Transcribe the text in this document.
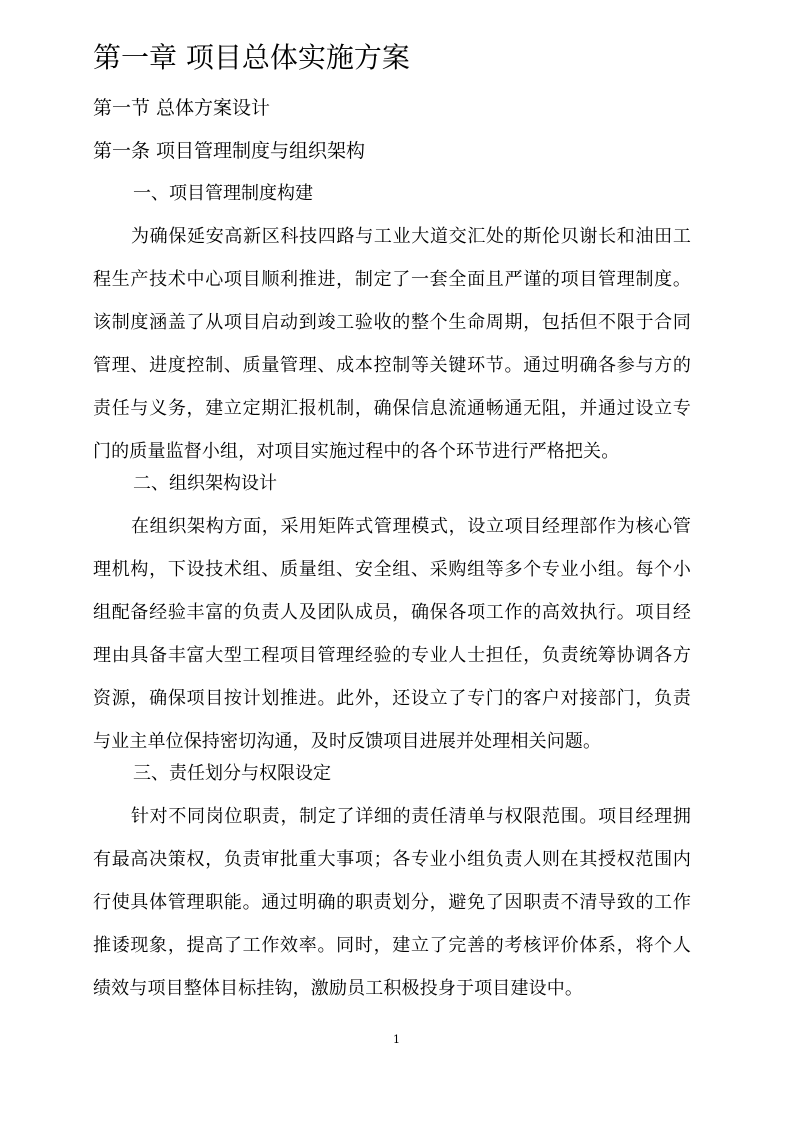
第一章 项目总体实施方案
第一节 总体方案设计
第一条 项目管理制度与组织架构
一、项目管理制度构建

为确保延安高新区科技四路与工业大道交汇处的斯伦贝谢长和油田工程生产技术中心项目顺利推进，制定了一套全面且严谨的项目管理制度。该制度涵盖了从项目启动到竣工验收的整个生命周期，包括但不限于合同管理、进度控制、质量管理、成本控制等关键环节。通过明确各参与方的责任与义务，建立定期汇报机制，确保信息流通畅通无阻，并通过设立专门的质量监督小组，对项目实施过程中的各个环节进行严格把关。

二、组织架构设计

在组织架构方面，采用矩阵式管理模式，设立项目经理部作为核心管理机构，下设技术组、质量组、安全组、采购组等多个专业小组。每个小组配备经验丰富的负责人及团队成员，确保各项工作的高效执行。项目经理由具备丰富大型工程项目管理经验的专业人士担任，负责统筹协调各方资源，确保项目按计划推进。此外，还设立了专门的客户对接部门，负责与业主单位保持密切沟通，及时反馈项目进展并处理相关问题。

三、责任划分与权限设定

针对不同岗位职责，制定了详细的责任清单与权限范围。项目经理拥有最高决策权，负责审批重大事项；各专业小组负责人则在其授权范围内行使具体管理职能。通过明确的职责划分，避免了因职责不清导致的工作推诿现象，提高了工作效率。同时，建立了完善的考核评价体系，将个人绩效与项目整体目标挂钩，激励员工积极投身于项目建设中。

1
